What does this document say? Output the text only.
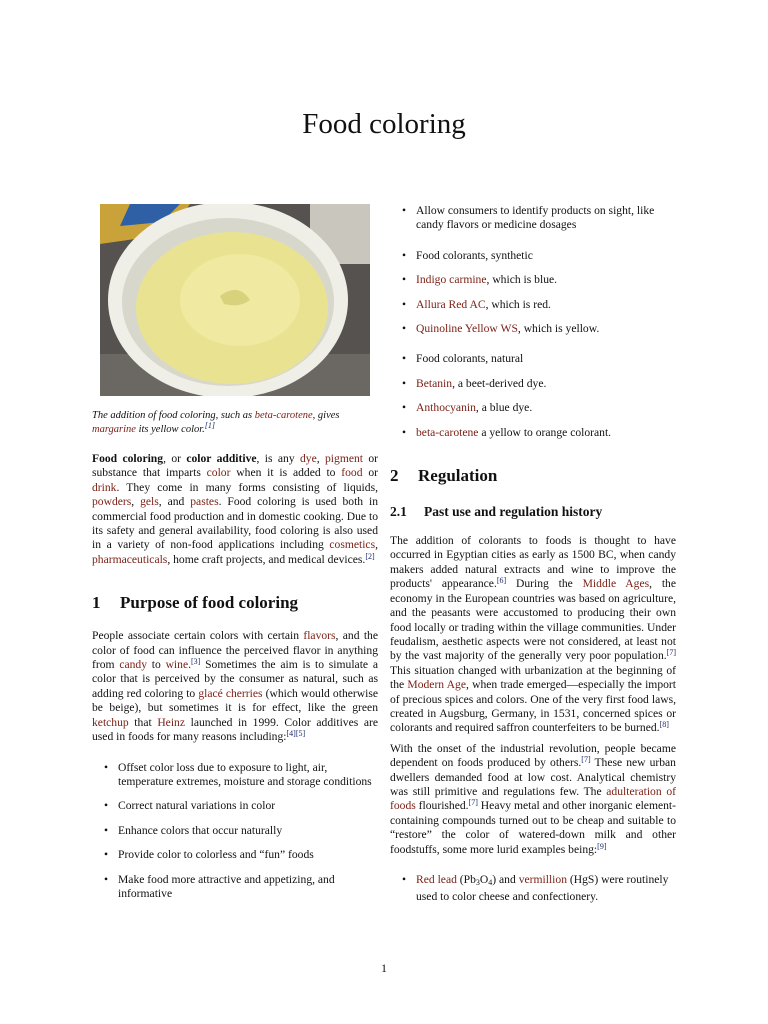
Food coloring
The addition of food coloring, such as beta-carotene, gives
margarine its yellow color.[1]

Food coloring, or color additive, is any dye, pigment or substance that imparts color when it is added to food or drink. They come in many forms consisting of liquids, powders, gels, and pastes. Food coloring is used both in commercial food production and in domestic cooking. Due to its safety and general availability, food coloring is also used in a variety of non-food applications including cosmetics, pharmaceuticals, home craft projects, and medical devices.[2]

1 Purpose of food coloring

People associate certain colors with certain flavors, and the color of food can influence the perceived flavor in anything from candy to wine.[3] Sometimes the aim is to simulate a color that is perceived by the consumer as natural, such as adding red coloring to glacé cherries (which would otherwise be beige), but sometimes it is for effect, like the green ketchup that Heinz launched in 1999. Color additives are used in foods for many reasons including:[4][5]

• Offset color loss due to exposure to light, air, temperature extremes, moisture and storage conditions
• Correct natural variations in color
• Enhance colors that occur naturally
• Provide color to colorless and “fun” foods
• Make food more attractive and appetizing, and informative
• Allow consumers to identify products on sight, like candy flavors or medicine dosages
• Food colorants, synthetic
• Indigo carmine, which is blue.
• Allura Red AC, which is red.
• Quinoline Yellow WS, which is yellow.
• Food colorants, natural
• Betanin, a beet-derived dye.
• Anthocyanin, a blue dye.
• beta-carotene a yellow to orange colorant.
2 Regulation
2.1 Past use and regulation history

The addition of colorants to foods is thought to have occurred in Egyptian cities as early as 1500 BC, when candy makers added natural extracts and wine to improve the products' appearance.[6] During the Middle Ages, the economy in the European countries was based on agriculture, and the peasants were accustomed to producing their own food locally or trading within the village communities. Under feudalism, aesthetic aspects were not considered, at least not by the vast majority of the generally very poor population.[7] This situation changed with urbanization at the beginning of the Modern Age, when trade emerged—especially the import of precious spices and colors. One of the very first food laws, created in Augsburg, Germany, in 1531, concerned spices or colorants and required saffron counterfeiters to be burned.[8]

With the onset of the industrial revolution, people became dependent on foods produced by others.[7] These new urban dwellers demanded food at low cost. Analytical chemistry was still primitive and regulations few. The adulteration of foods flourished.[7] Heavy metal and other inorganic element-containing compounds turned out to be cheap and suitable to “restore” the color of watered-down milk and other foodstuffs, some more lurid examples being:[9]

• Red lead $(Pb_3O_4)$ and vermillion (HgS) were routinely used to color cheese and confectionery.
1
